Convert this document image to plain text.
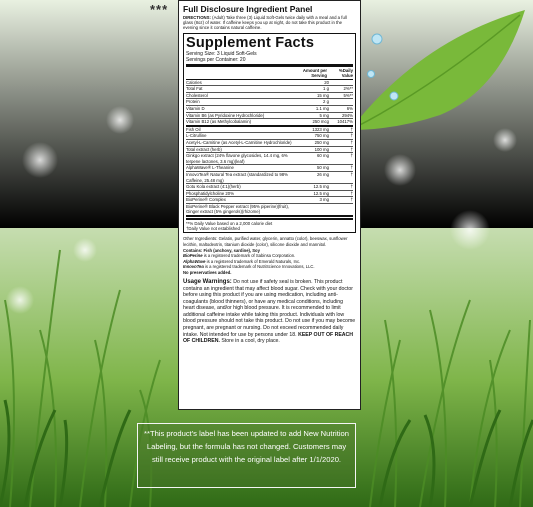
*** Full Disclosure Ingredient Panel
DIRECTIONS: (Adult) Take three (3) Liquid Soft-Gels twice daily with a meal and a full glass (8oz) of water. If caffeine keeps you up at night, do not take this product in the evening since it contains natural caffeine.
Supplement Facts
Serving Size: 3 Liquid Soft-Gels
Servings per Container: 20
Amount per Serving
%Daily Value
Calories	20
Total Fat	1 g	2%**
Cholesterol	15 mg	5%**
Protein	2 g
Vitamin D	1.1 mg	6%
Vitamin B6 (as Pyridoxine Hydrochloride)	5 mg	294%
Vitamin B12 (as Methylcobalamin)	250 mcg	10417%
Fish Oil	1323 mg	†
L-Citrulline	750 mg	†
Acetyl-L-Carnitine (as Acetyl-L-Carnitine Hydrochloride)	250 mg	†
Total extract (herb)	100 mg	†
Ginkgo extract (24% flavone glycosides, 14.4 mg, 6% terpene lactones, 3.6 mg)(leaf)
60 mg	†
AlphaWave® L-Theanine	50 mg	†
InnovoTea® Natural Tea extract (standardized to 98% Caffeine, 25.48 mg)
26 mg	†
Gotu Kola extract (4:1)(herb)	12.5 mg	†
Phosphatidylcholine 20%	12.5 mg	†
BioPerine® Complex	3 mg	†
BioPerine® Black Pepper extract (95% piperine)(fruit), Ginger extract (5% gingerols)(rhizome)
**% Daily Value based on a 2,000 calorie diet
†Daily Value not established
Other Ingredients: Gelatin, purified water, glycerin, annatto (color), beeswax, sunflower lecithin, maltodextrin, titanium dioxide (color), silicone dioxide and mannitol.
Contains: Fish (anchovy, sardine), Soy
BioPerine is a registered trademark of Sabinsa Corporation.
AlphaWave is a registered trademark of Emerald Naturals, Inc.
InnovoTea is a registered trademark of NutriScience Innovations, LLC.
No preservatives added.
Usage Warnings: Do not use if safety seal is broken. This product contains an ingredient that may affect blood sugar. Check with your doctor before using this product if you are using medication, including anti-coagulants (blood thinners), or have any medical conditions, including heart disease, and/or high blood pressure. It is recommended to limit additional caffeine intake while taking this product. Individuals with low blood pressure should not take this product. Do not use if you may become pregnant, are pregnant or nursing. Do not exceed recommended daily intake. Not intended for use by persons under 18. KEEP OUT OF REACH OF CHILDREN. Store in a cool, dry place.
**This product's label has been updated to add New Nutrition Labeling, but the formula has not changed. Customers may still receive product with the original label after 1/1/2020.
